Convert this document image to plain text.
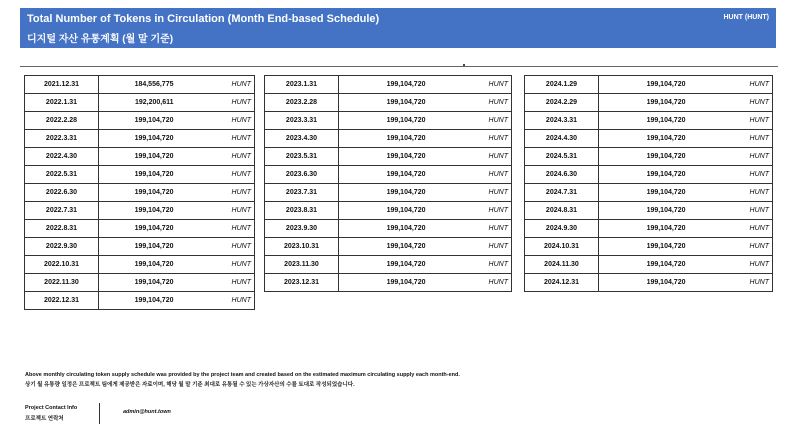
Total Number of Tokens in Circulation (Month End-based Schedule)
디지털 자산 유통계획 (월 말 기준)
HUNT (HUNT)
2021.12.31	184,556,775	HUNT
2022.1.31	192,200,611	HUNT
2022.2.28	199,104,720	HUNT
2022.3.31	199,104,720	HUNT
2022.4.30	199,104,720	HUNT
2022.5.31	199,104,720	HUNT
2022.6.30	199,104,720	HUNT
2022.7.31	199,104,720	HUNT
2022.8.31	199,104,720	HUNT
2022.9.30	199,104,720	HUNT
2022.10.31	199,104,720	HUNT
2022.11.30	199,104,720	HUNT
2022.12.31	199,104,720	HUNT
2023.1.31	199,104,720	HUNT
2023.2.28	199,104,720	HUNT
2023.3.31	199,104,720	HUNT
2023.4.30	199,104,720	HUNT
2023.5.31	199,104,720	HUNT
2023.6.30	199,104,720	HUNT
2023.7.31	199,104,720	HUNT
2023.8.31	199,104,720	HUNT
2023.9.30	199,104,720	HUNT
2023.10.31	199,104,720	HUNT
2023.11.30	199,104,720	HUNT
2023.12.31	199,104,720	HUNT
2024.1.29	199,104,720	HUNT
2024.2.29	199,104,720	HUNT
2024.3.31	199,104,720	HUNT
2024.4.30	199,104,720	HUNT
2024.5.31	199,104,720	HUNT
2024.6.30	199,104,720	HUNT
2024.7.31	199,104,720	HUNT
2024.8.31	199,104,720	HUNT
2024.9.30	199,104,720	HUNT
2024.10.31	199,104,720	HUNT
2024.11.30	199,104,720	HUNT
2024.12.31	199,104,720	HUNT
Above monthly circulating token supply schedule was provided by the project team and created based on the estimated maximum circulating supply each month-end.
상기 월 유통량 일정은 프로젝트 팀에게 제공받은 자료이며, 해당 월 말 기준 최대로 유통될 수 있는 가상자산의 수를 토대로 작성되었습니다.
Project Contact Info
프로젝트 연락처
admin@hunt.town
